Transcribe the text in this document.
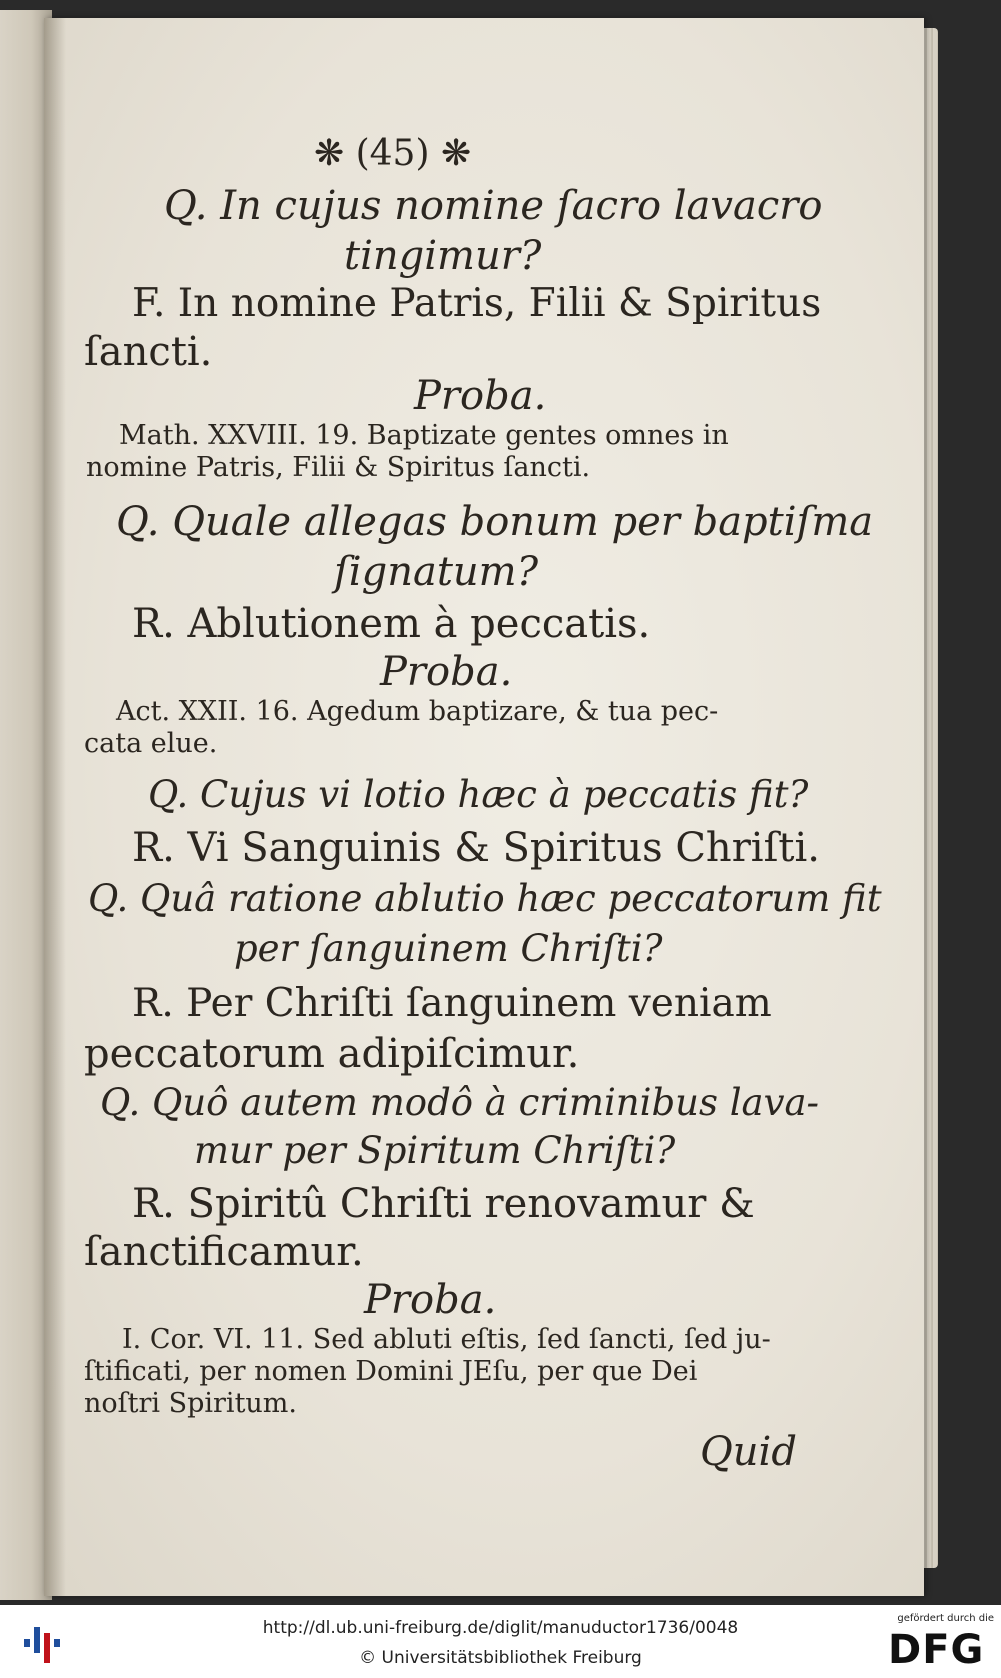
❋ (45) ❋
Q. In cujus nomine ſacro lavacro
tingimur?
F. In nomine Patris, Filii & Spiritus
ſancti.
Proba.
Math. XXVIII. 19. Baptizate gentes omnes in
nomine Patris, Filii & Spiritus ſancti.
Q. Quale allegas bonum per baptiſma
ſignatum?
R. Ablutionem à peccatis.
Proba.
Act. XXII. 16. Agedum baptizare, & tua pec-
cata elue.
Q. Cujus vi lotio hæc à peccatis fit?
R. Vi Sanguinis & Spiritus Chriſti.
Q. Quâ ratione ablutio hæc peccatorum fit
per ſanguinem Chriſti?
R. Per Chriſti ſanguinem veniam
peccatorum adipiſcimur.
Q. Quô autem modô à criminibus lava-
mur per Spiritum Chriſti?
R. Spiritû Chriſti renovamur &
ſanctificamur.
Proba.
I. Cor. VI. 11. Sed abluti eſtis, ſed ſancti, ſed ju-
ſtificati, per nomen Domini JEſu, per que Dei
noſtri Spiritum.
Quid
http://dl.ub.uni-freiburg.de/diglit/manuductor1736/0048
© Universitätsbibliothek Freiburg
gefördert durch die
DFG
